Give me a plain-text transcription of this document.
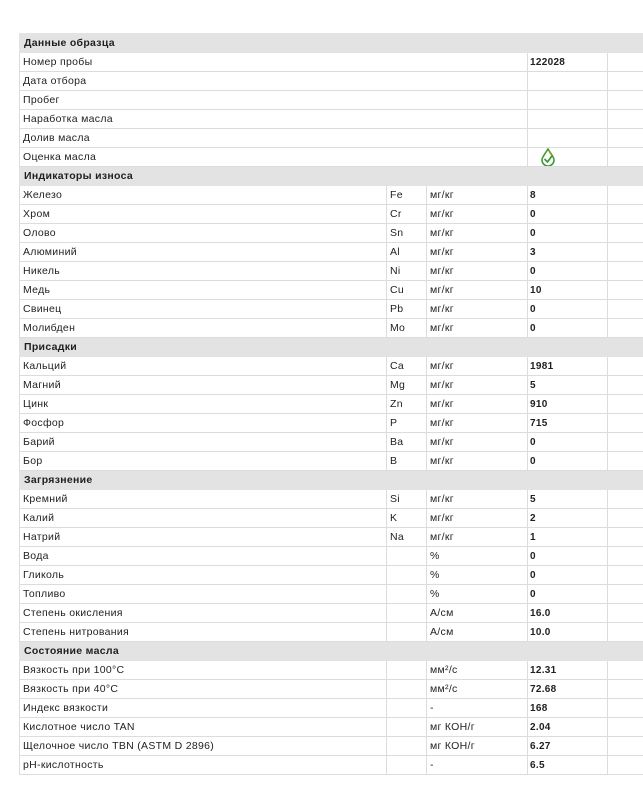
Данные образца				
Номер пробы			122028	
Дата отбора				
Пробег				
Наработка масла				
Долив масла				
Оценка масла		
Индикаторы износа				
Железо	Fe	мг/кг	8	
Хром	Cr	мг/кг	0	
Олово	Sn	мг/кг	0	
Алюминий	Al	мг/кг	3	
Никель	Ni	мг/кг	0	
Медь	Cu	мг/кг	10	
Свинец	Pb	мг/кг	0	
Молибден	Mo	мг/кг	0	
Присадки				
Кальций	Ca	мг/кг	1981	
Магний	Mg	мг/кг	5	
Цинк	Zn	мг/кг	910	
Фосфор	P	мг/кг	715	
Барий	Ba	мг/кг	0	
Бор	B	мг/кг	0	
Загрязнение				
Кремний	Si	мг/кг	5	
Калий	K	мг/кг	2	
Натрий	Na	мг/кг	1	
Вода		%	0	
Гликоль		%	0	
Топливо		%	0	
Степень окисления		А/см	16.0	
Степень нитрования		А/см	10.0	
Состояние масла				
Вязкость при 100°C		мм²/с	12.31	
Вязкость при 40°C		мм²/с	72.68	
Индекс вязкости		-	168	
Кислотное число TAN		мг КОН/г	2.04	
Щелочное число TBN (ASTM D 2896)		мг КОН/г	6.27	
pH-кислотность		-	6.5	
